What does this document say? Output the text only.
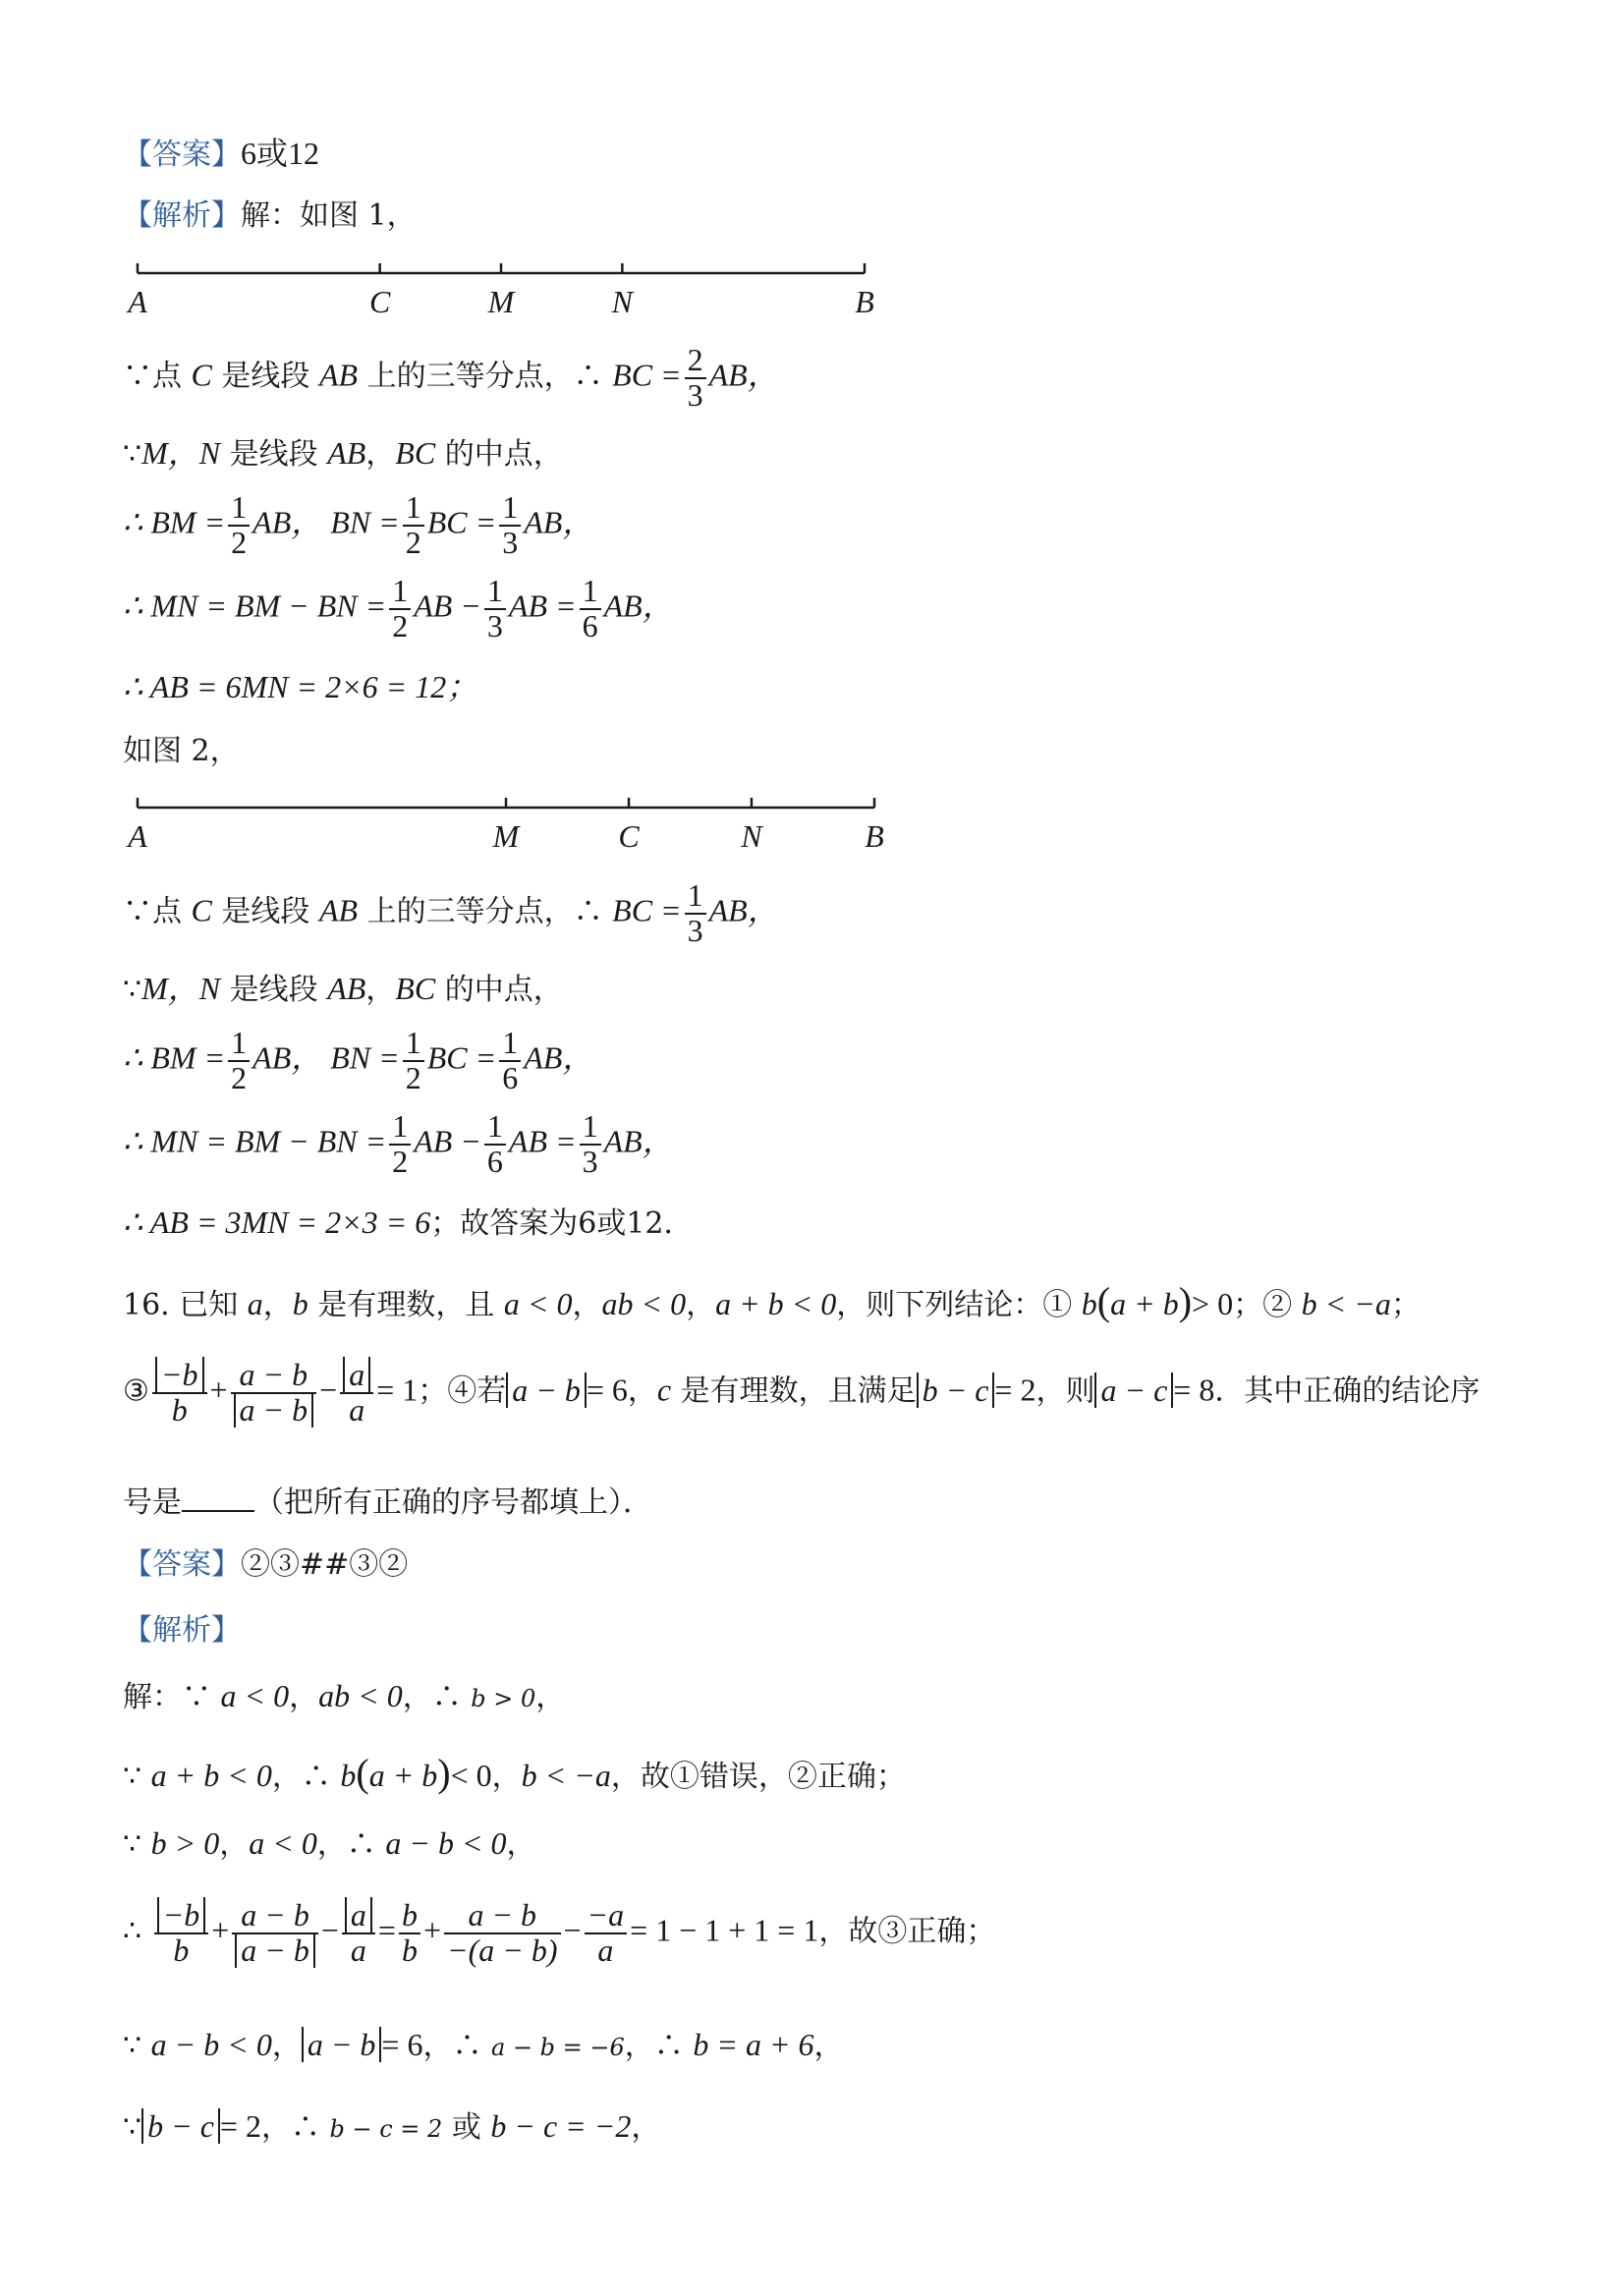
【答案】6或12
【解析】解：如图 1，
A	C	M	N	B
∵点 C 是线段 AB 上的三等分点，∴ BC = $\frac{2}{3}$ AB，
∵M，N 是线段 AB，BC 的中点，
∴ BM = $\frac{1}{2}$ AB， BN = $\frac{1}{2}$ BC = $\frac{1}{3}$ AB，
∴ MN = BM − BN = $\frac{1}{2}$ AB − $\frac{1}{3}$ AB = $\frac{1}{6}$ AB，
∴ AB = 6MN = 2×6 = 12；
如图 2，
A	M	C	N	B
∵点 C 是线段 AB 上的三等分点，∴ BC = $\frac{1}{3}$ AB，
∵M，N 是线段 AB，BC 的中点，
∴ BM = $\frac{1}{2}$ AB， BN = $\frac{1}{2}$ BC = $\frac{1}{6}$ AB，
∴ MN = BM − BN = $\frac{1}{2}$ AB − $\frac{1}{6}$ AB = $\frac{1}{3}$ AB，
∴ AB = 3MN = 2×3 = 6；故答案为6或12．
16. 已知 a，b 是有理数，且 a < 0，ab < 0，a + b < 0，则下列结论：① b(a + b)> 0；② b < −a；
③ $\frac{-b}{b} + \frac{a - b}{a - b} - \frac{a}{a} = 1$；④若 a − b = 6，c 是有理数，且满足 b − c = 2，则 a − c = 8．其中正确的结论序
号是 （把所有正确的序号都填上）．
【答案】②③##③②
【解析】
解：∵ a < 0，ab < 0，∴ b > 0，
∵ a + b < 0，∴ b(a + b)< 0，b < −a，故①错误，②正确；
∵ b > 0，a < 0，∴ a − b < 0，
∴ $\frac{-b}{b} + \frac{a - b}{a - b} - \frac{a}{a} = \frac{b}{b} + \frac{a - b}{-(a - b)} - \frac{-a}{a} = 1 - 1 + 1 = 1$，故③正确；
∵ a − b < 0， a − b = 6，∴ a − b = −6，∴ b = a + 6，
∵ b − c = 2，∴ b − c = 2 或 b − c = −2，
